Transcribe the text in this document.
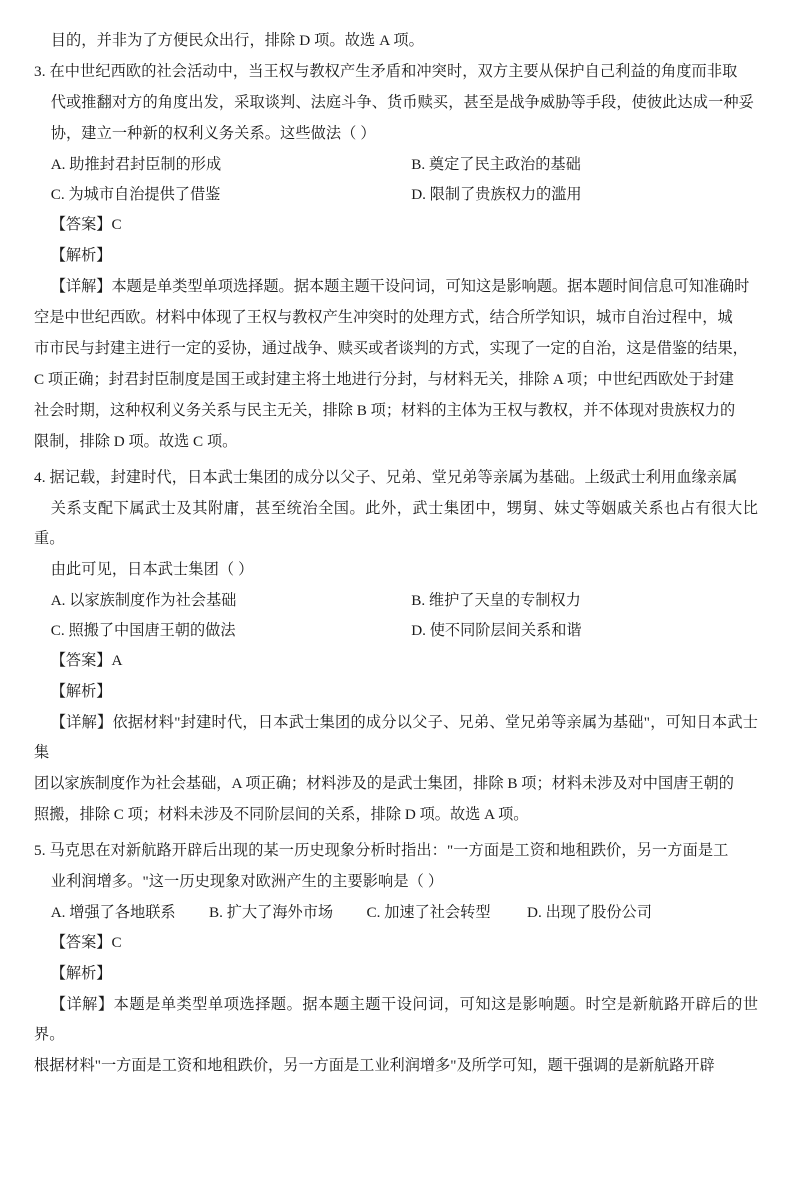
目的，并非为了方便民众出行，排除 D 项。故选 A 项。

3. 在中世纪西欧的社会活动中，当王权与教权产生矛盾和冲突时，双方主要从保护自己利益的角度而非取

代或推翻对方的角度出发，采取谈判、法庭斗争、货币赎买，甚至是战争威胁等手段，使彼此达成一种妥

协，建立一种新的权利义务关系。这些做法（ ）

A. 助推封君封臣制的形成	B. 奠定了民主政治的基础
C. 为城市自治提供了借鉴	D. 限制了贵族权力的滥用

【答案】C

【解析】

【详解】本题是单类型单项选择题。据本题主题干设问词，可知这是影响题。据本题时间信息可知准确时

空是中世纪西欧。材料中体现了王权与教权产生冲突时的处理方式，结合所学知识，城市自治过程中，城

市市民与封建主进行一定的妥协，通过战争、赎买或者谈判的方式，实现了一定的自治，这是借鉴的结果，

C 项正确；封君封臣制度是国王或封建主将土地进行分封，与材料无关，排除 A 项；中世纪西欧处于封建

社会时期，这种权利义务关系与民主无关，排除 B 项；材料的主体为王权与教权，并不体现对贵族权力的

限制，排除 D 项。故选 C 项。

4. 据记载，封建时代，日本武士集团的成分以父子、兄弟、堂兄弟等亲属为基础。上级武士利用血缘亲属

关系支配下属武士及其附庸，甚至统治全国。此外，武士集团中，甥舅、妹丈等姻戚关系也占有很大比重。

由此可见，日本武士集团（ ）

A. 以家族制度作为社会基础	B. 维护了天皇的专制权力
C. 照搬了中国唐王朝的做法	D. 使不同阶层间关系和谐

【答案】A

【解析】

【详解】依据材料"封建时代，日本武士集团的成分以父子、兄弟、堂兄弟等亲属为基础"，可知日本武士集

团以家族制度作为社会基础，A 项正确；材料涉及的是武士集团，排除 B 项；材料未涉及对中国唐王朝的

照搬，排除 C 项；材料未涉及不同阶层间的关系，排除 D 项。故选 A 项。

5. 马克思在对新航路开辟后出现的某一历史现象分析时指出："一方面是工资和地租跌价，另一方面是工

业利润增多。"这一历史现象对欧洲产生的主要影响是（ ）

A. 增强了各地联系	B. 扩大了海外市场	C. 加速了社会转型	D. 出现了股份公司

【答案】C

【解析】

【详解】本题是单类型单项选择题。据本题主题干设问词，可知这是影响题。时空是新航路开辟后的世界。

根据材料"一方面是工资和地租跌价，另一方面是工业利润增多"及所学可知，题干强调的是新航路开辟
